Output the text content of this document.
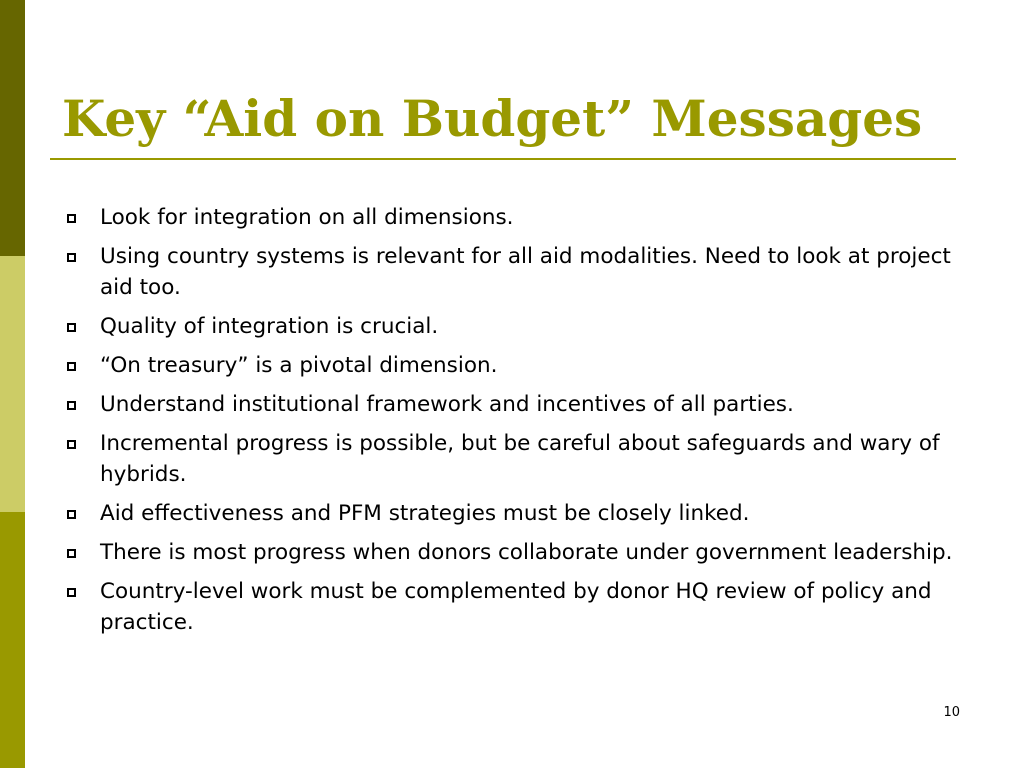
Key “Aid on Budget” Messages
Look for integration on all dimensions.
Using country systems is relevant for all aid modalities. Need to look at project aid too.
Quality of integration is crucial.
“On treasury” is a pivotal dimension.
Understand institutional framework and incentives of all parties.
Incremental progress is possible, but be careful about safeguards and wary of hybrids.
Aid effectiveness and PFM strategies must be closely linked.
There is most progress when donors collaborate under government leadership.
Country-level work must be complemented by donor HQ review of policy and practice.
10
